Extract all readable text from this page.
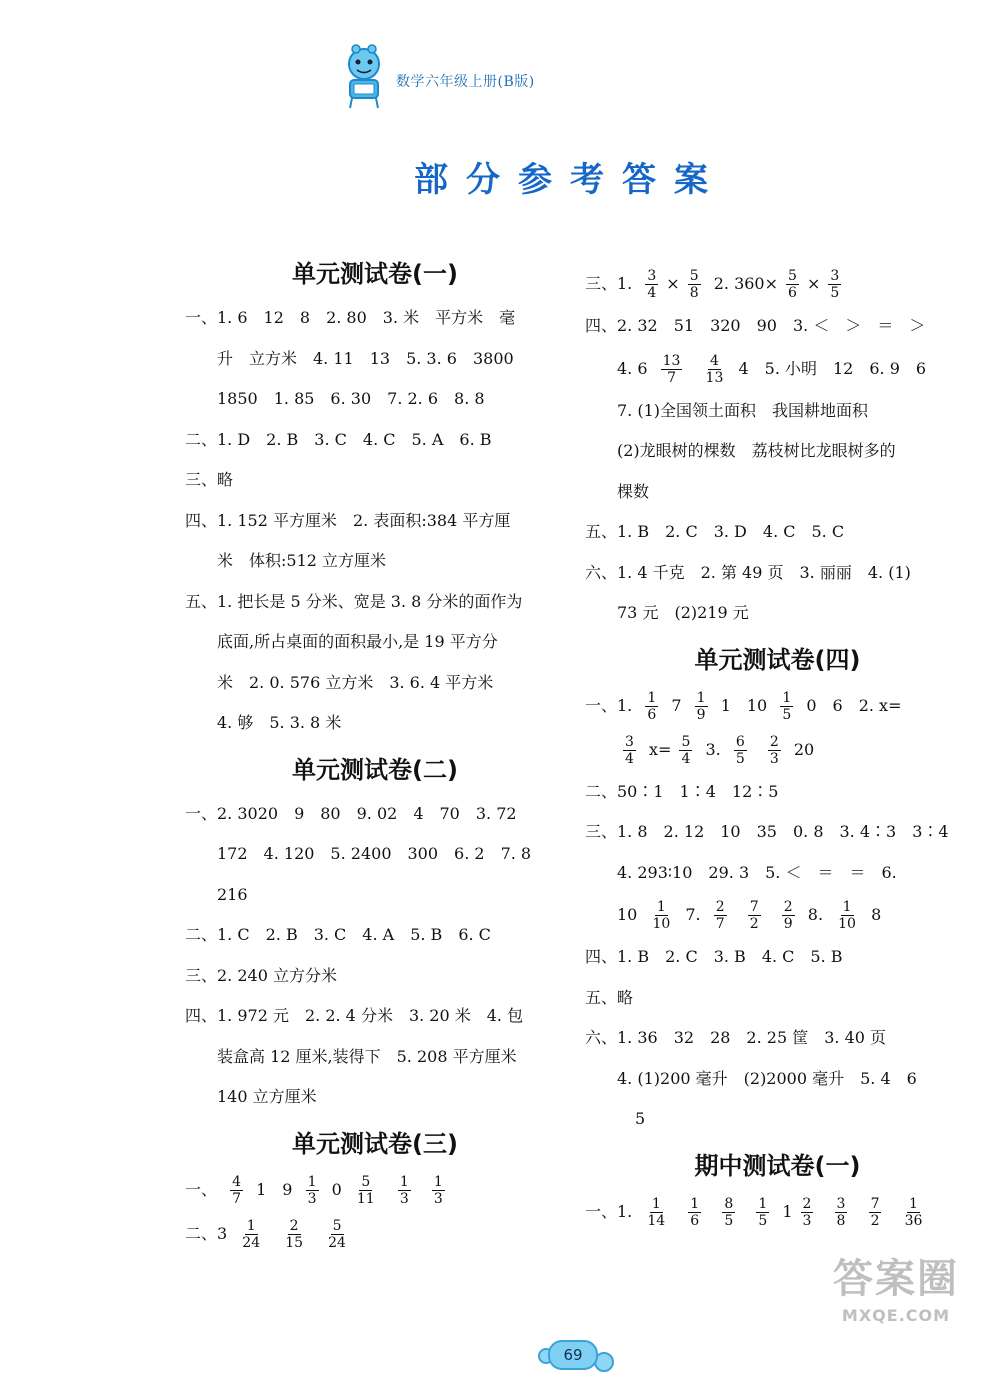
数学六年级上册(B版)
部分参考答案
单元测试卷(一)
一、1. 6　12　8　2. 80　3. 米　平方米　毫
升　立方米　4. 11　13　5. 3. 6　3800
1850　1. 85　6. 30　7. 2. 6　8. 8
二、1. D　2. B　3. C　4. C　5. A　6. B
三、略
四、1. 152 平方厘米　2. 表面积:384 平方厘
米　体积:512 立方厘米
五、1. 把长是 5 分米、宽是 3. 8 分米的面作为
底面,所占桌面的面积最小,是 19 平方分
米　2. 0. 576 立方米　3. 6. 4 平方米
4. 够　5. 3. 8 米
单元测试卷(二)
一、2. 3020　9　80　9. 02　4　70　3. 72
172　4. 120　5. 2400　300　6. 2　7. 8
216
二、1. C　2. B　3. C　4. A　5. B　6. C
三、2. 240 立方分米
四、1. 972 元　2. 2. 4 分米　3. 20 米　4. 包
装盒高 12 厘米,装得下　5. 208 平方厘米
140 立方厘米
单元测试卷(三)
一、 $\frac{4}{7} 1$　$9 \frac{1}{3} 0 \frac{5}{11}$
$\frac{1}{3}$
$\frac{1}{3}$
二、$3 \frac{1}{24}$
$\frac{2}{15}$
$\frac{5}{24}$
三、1. $\frac{3}{4} \times \frac{5}{8} 2$. $360\times \frac{5}{6} \times \frac{3}{5}$
四、2. 32　51　320　90　3. ＜　＞　＝　＞
4. $6 \frac{13}{7}$
$\frac{4}{13} 4$　5. 小明　12　6. 9　6
7. (1)全国领土面积　我国耕地面积
(2)龙眼树的棵数　荔枝树比龙眼树多的
棵数
五、1. B　2. C　3. D　4. C　5. C
六、1. 4 千克　2. 第 49 页　3. 丽丽　4. (1)
73 元　(2)219 元
单元测试卷(四)
一、1. $\frac{1}{6} 7 \frac{1}{9} 1$　$10 \frac{1}{5} 0$　6　2. x=
$\frac{3}{4} x= \frac{5}{4} 3$. $\frac{6}{5}$
$\frac{2}{3} 20$
二、50∶1　1∶4　12∶5
三、1. 8　2. 12　10　35　0. 8　3. 4∶3　3∶4
4. 293∶10　29. 3　5. ＜　＝　＝　6.
$10 \frac{1}{10} 7$. $\frac{2}{7}$
$\frac{7}{2}$
$\frac{2}{9} 8$. $\frac{1}{10} 8$
四、1. B　2. C　3. B　4. C　5. B
五、略
六、1. 36　32　28　2. 25 筐　3. 40 页
4. (1)200 毫升　(2)2000 毫升　5. 4　6
5
期中测试卷(一)
一、1. $\frac{1}{14}$
$\frac{1}{6}$
$\frac{8}{5}$
$\frac{1}{5} 1 \frac{2}{3}$
$\frac{3}{8}$
$\frac{7}{2}$
$\frac{1}{36}$
69
答案圈
MXQE.COM
